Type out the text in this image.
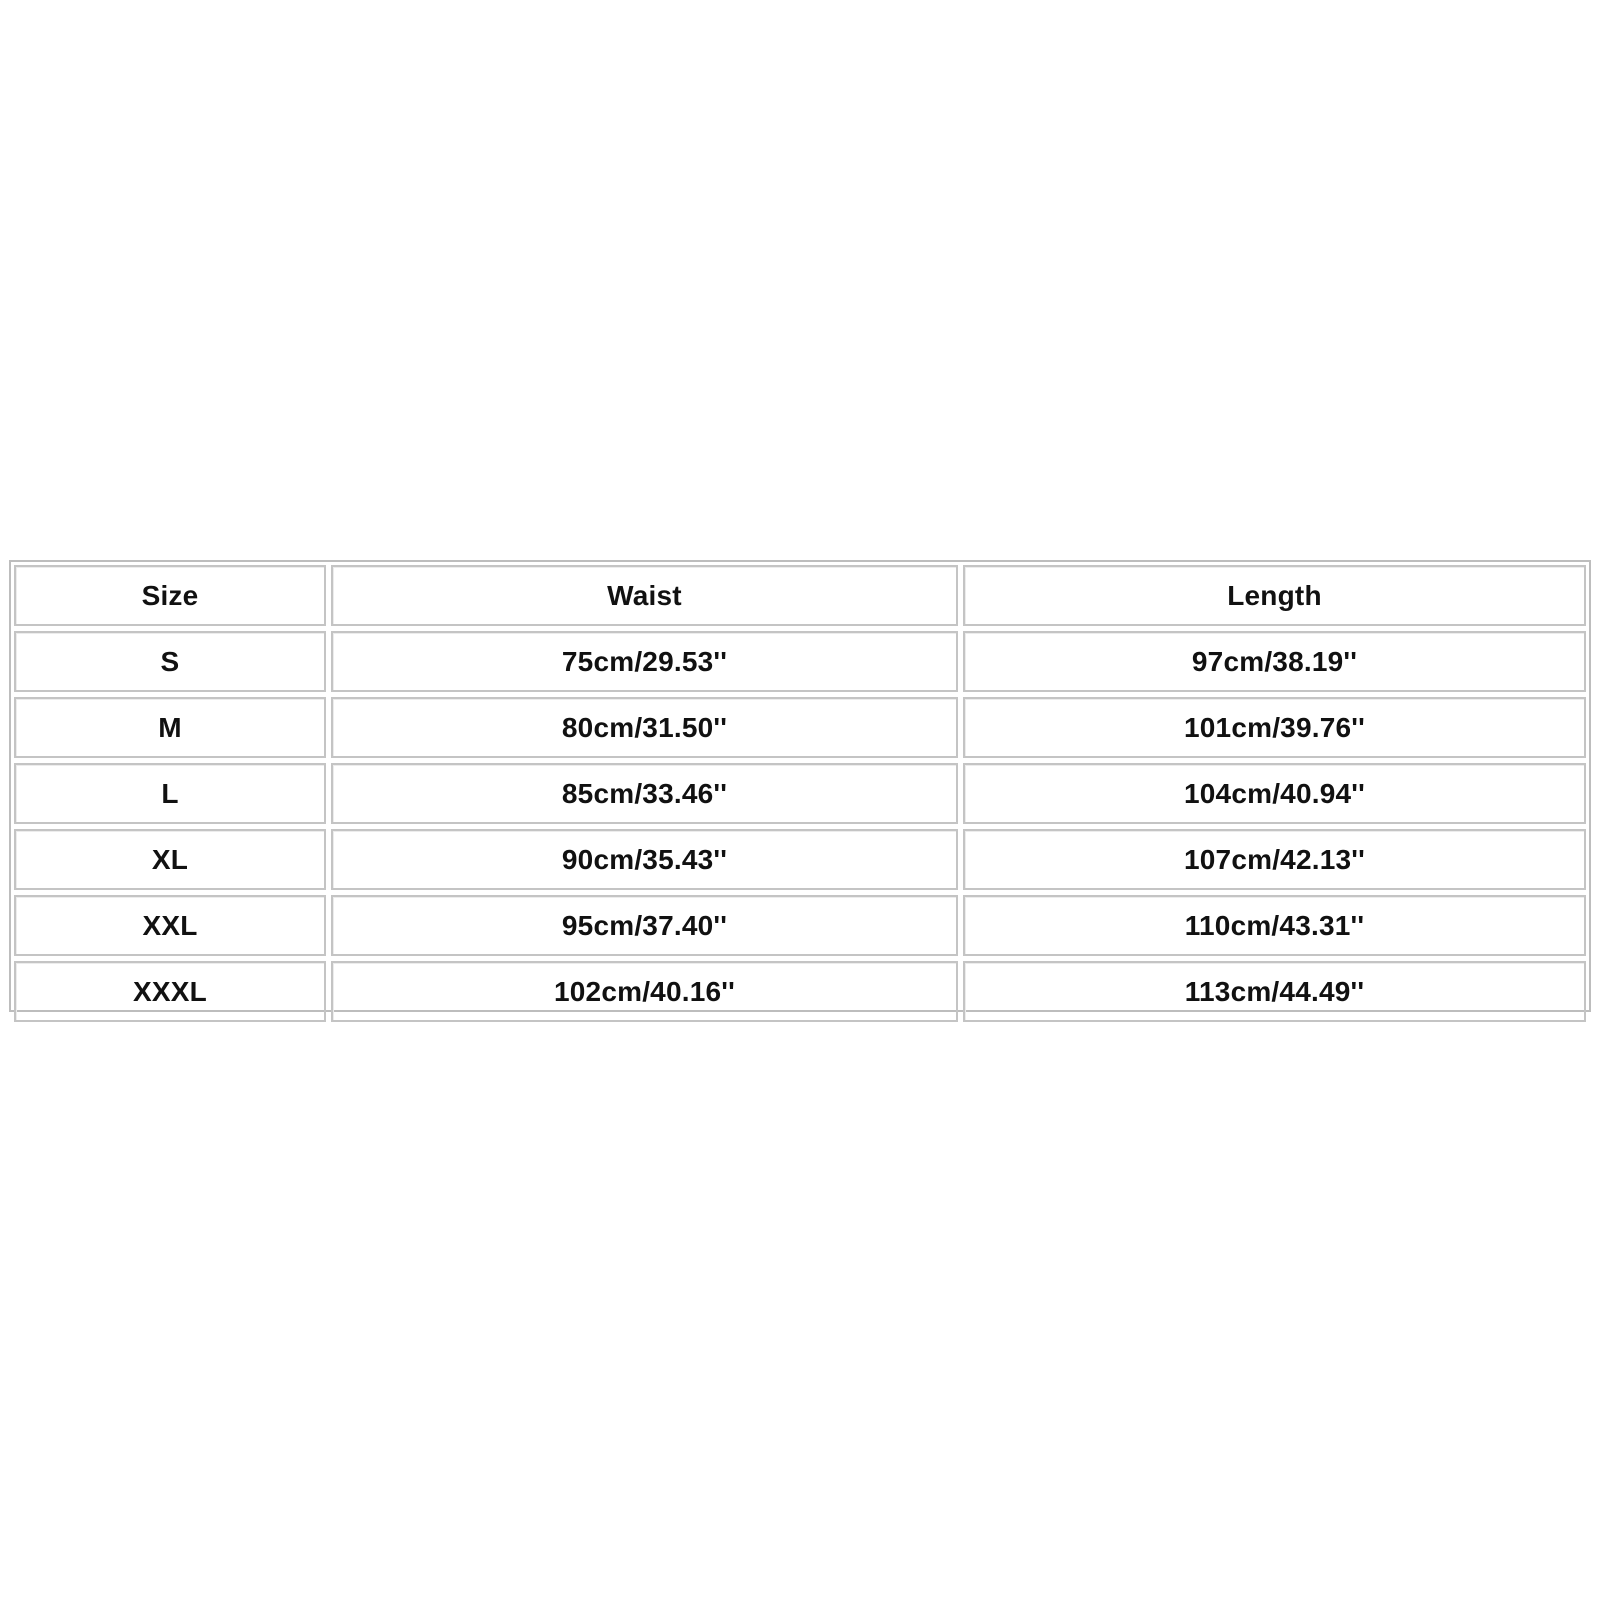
Size	Waist	Length
S	75cm/29.53''	97cm/38.19''
M	80cm/31.50''	101cm/39.76''
L	85cm/33.46''	104cm/40.94''
XL	90cm/35.43''	107cm/42.13''
XXL	95cm/37.40''	110cm/43.31''
XXXL	102cm/40.16''	113cm/44.49''
